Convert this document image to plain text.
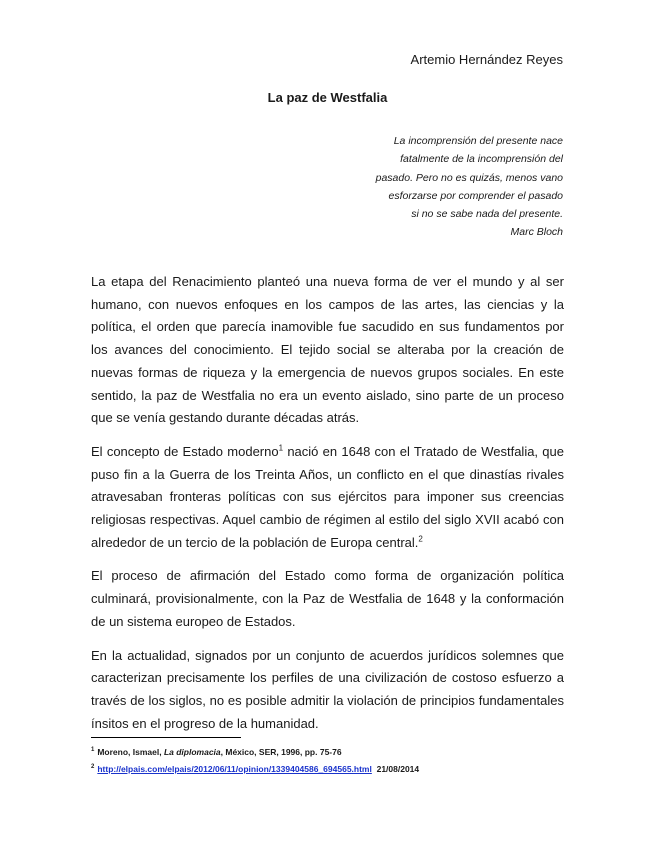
Artemio Hernández Reyes
La paz de Westfalia
La incomprensión del presente nace
fatalmente de la incomprensión del
pasado. Pero no es quizás, menos vano
esforzarse por comprender el pasado
si no se sabe nada del presente.
Marc Bloch

La etapa del Renacimiento planteó una nueva forma de ver el mundo y al ser humano, con nuevos enfoques en los campos de las artes, las ciencias y la política, el orden que parecía inamovible fue sacudido en sus fundamentos por los avances del conocimiento. El tejido social se alteraba por la creación de nuevas formas de riqueza y la emergencia de nuevos grupos sociales. En este sentido, la paz de Westfalia no era un evento aislado, sino parte de un proceso que se venía gestando durante décadas atrás.

El concepto de Estado moderno$^1$ nació en 1648 con el Tratado de Westfalia, que puso fin a la Guerra de los Treinta Años, un conflicto en el que dinastías rivales atravesaban fronteras políticas con sus ejércitos para imponer sus creencias religiosas respectivas. Aquel cambio de régimen al estilo del siglo XVII acabó con alrededor de un tercio de la población de Europa central.$^2$

El proceso de afirmación del Estado como forma de organización política culminará, provisionalmente, con la Paz de Westfalia de 1648 y la conformación de un sistema europeo de Estados.

En la actualidad, signados por un conjunto de acuerdos jurídicos solemnes que caracterizan precisamente los perfiles de una civilización de costoso esfuerzo a través de los siglos, no es posible admitir la violación de principios fundamentales ínsitos en el progreso de la humanidad.

$^1$ Moreno, Ismael, La diplomacia, México, SER, 1996, pp. 75-76
$^2$ http://elpais.com/elpais/2012/06/11/opinion/1339404586_694565.html 21/08/2014
